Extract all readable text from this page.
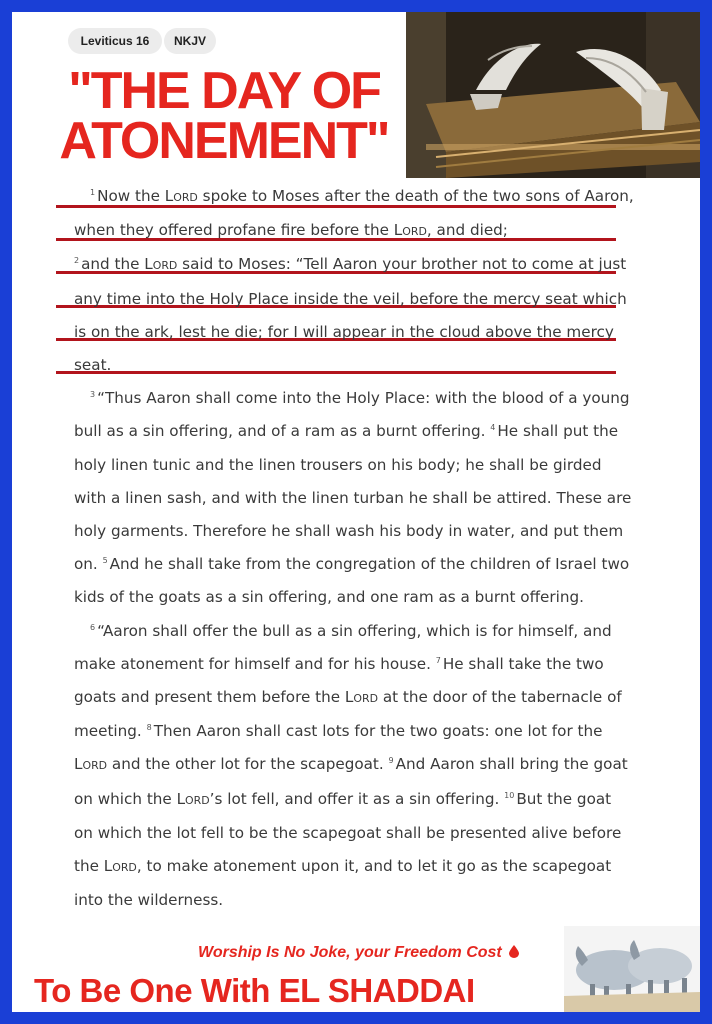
Leviticus 16	NKJV
"THE DAY OF
ATONEMENT"

$^1$ Now the LORD spoke to Moses after the death of the two sons of Aaron, when they offered profane fire before the LORD, and died;

$^2$ and the LORD said to Moses: “Tell Aaron your brother not to come at just any time into the Holy Place inside the veil, before the mercy seat which is on the ark, lest he die; for I will appear in the cloud above the mercy seat.

$^3$ “Thus Aaron shall come into the Holy Place: with the blood of a young bull as a sin offering, and of a ram as a burnt offering. $^4$ He shall put the holy linen tunic and the linen trousers on his body; he shall be girded with a linen sash, and with the linen turban he shall be attired. These are holy garments. Therefore he shall wash his body in water, and put them on. $^5$ And he shall take from the congregation of the children of Israel two kids of the goats as a sin offering, and one ram as a burnt offering.

$^6$ “Aaron shall offer the bull as a sin offering, which is for himself, and make atonement for himself and for his house. $^7$ He shall take the two goats and present them before the LORD at the door of the tabernacle of meeting. $^8$ Then Aaron shall cast lots for the two goats: one lot for the LORD and the other lot for the scapegoat. $^9$ And Aaron shall bring the goat on which the LORD’s lot fell, and offer it as a sin offering. $^{10}$ But the goat on which the lot fell to be the scapegoat shall be presented alive before the LORD, to make atonement upon it, and to let it go as the scapegoat into the wilderness.

Worship Is No Joke, your Freedom Cost
To Be One With EL SHADDAI
